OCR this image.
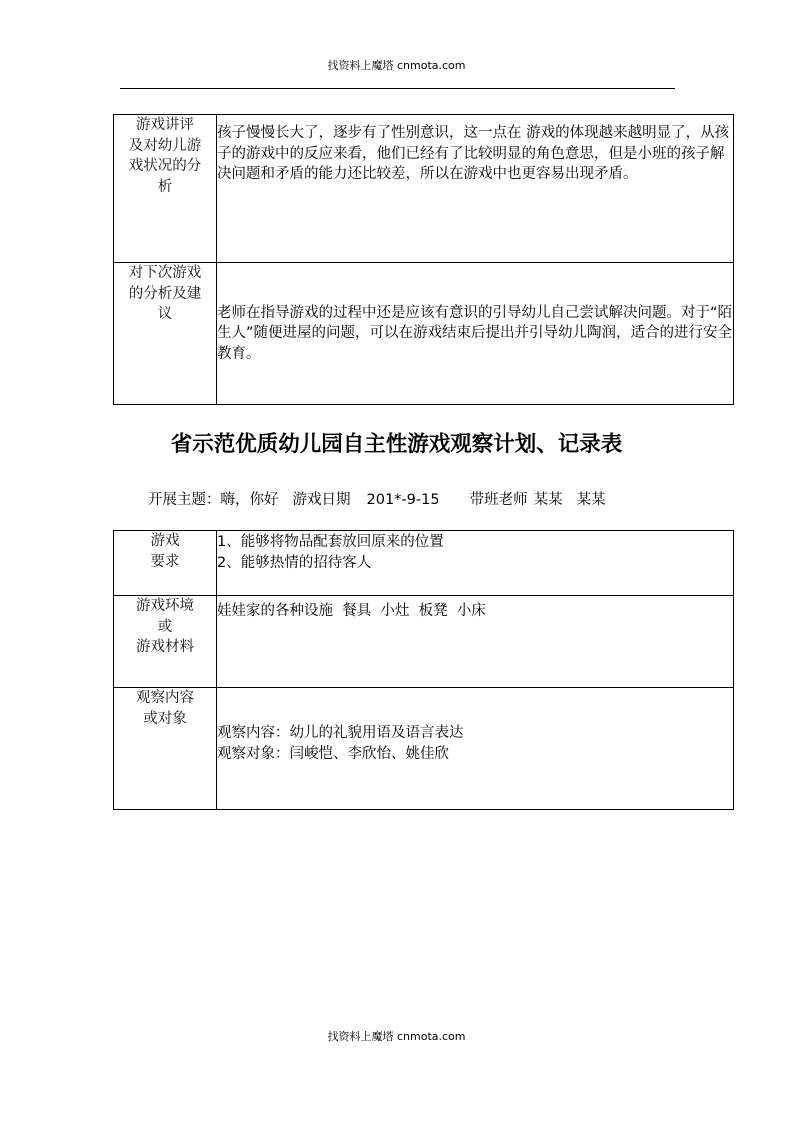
找资料上魔塔 cnmota.com
游戏讲评
及对幼儿游
戏状况的分
析	孩子慢慢长大了，逐步有了性别意识，这一点在 游戏的体现越来越明显了，从孩子的游戏中的反应来看，他们已经有了比较明显的角色意思，但是小班的孩子解决问题和矛盾的能力还比较差，所以在游戏中也更容易出现矛盾。

对下次游戏
的分析及建
议	老师在指导游戏的过程中还是应该有意识的引导幼儿自己尝试解决问题。对于“陌生人”随便进屋的问题，可以在游戏结束后提出并引导幼儿陶润，适合的进行安全教育。
省示范优质幼儿园自主性游戏观察计划、记录表
开展主题：嗨，你好 游戏日期 201*-9-15 带班老师 某某 某某
游戏
要求	1、能够将物品配套放回原来的位置
2、能够热情的招待客人

游戏环境
或
游戏材料	娃娃家的各种设施  餐具  小灶  板凳  小床

观察内容
或对象	观察内容：幼儿的礼貌用语及语言表达
观察对象：闫峻恺、李欣怡、姚佳欣
找资料上魔塔 cnmota.com
